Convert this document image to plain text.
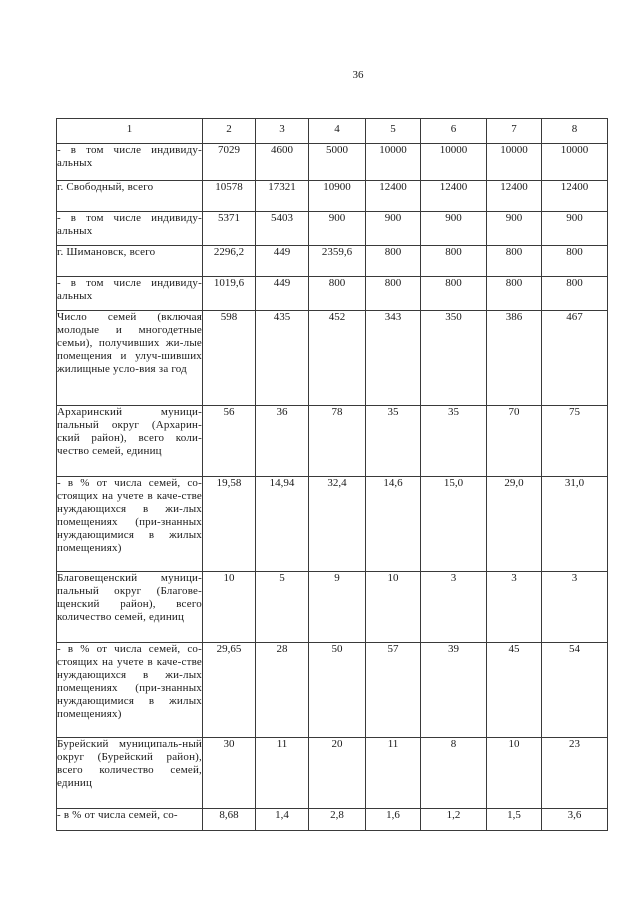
36
1	2	3	4	5	6	7	8
- в том числе индивиду-альных	7029	4600	5000	10000	10000	10000	10000
г. Свободный, всего	10578	17321	10900	12400	12400	12400	12400
- в том числе индивиду-альных	5371	5403	900	900	900	900	900
г. Шимановск, всего	2296,2	449	2359,6	800	800	800	800
- в том числе индивиду-альных	1019,6	449	800	800	800	800	800
Число семей (включая молодые и многодетные семьи), получивших жи-лые помещения и улуч-шивших жилищные усло-вия за год	598	435	452	343	350	386	467
Архаринский муници-пальный округ (Архарин-ский район), всего коли-чество семей, единиц	56	36	78	35	35	70	75
- в % от числа семей, со-стоящих на учете в каче-стве нуждающихся в жи-лых помещениях (при-знанных нуждающимися в жилых помещениях)	19,58	14,94	32,4	14,6	15,0	29,0	31,0
Благовещенский муници-пальный округ (Благове-щенский район), всего количество семей, единиц	10	5	9	10	3	3	3
- в % от числа семей, со-стоящих на учете в каче-стве нуждающихся в жи-лых помещениях (при-знанных нуждающимися в жилых помещениях)	29,65	28	50	57	39	45	54
Бурейский муниципаль-ный округ (Бурейский район), всего количество семей, единиц	30	11	20	11	8	10	23
- в % от числа семей, со-	8,68	1,4	2,8	1,6	1,2	1,5	3,6
